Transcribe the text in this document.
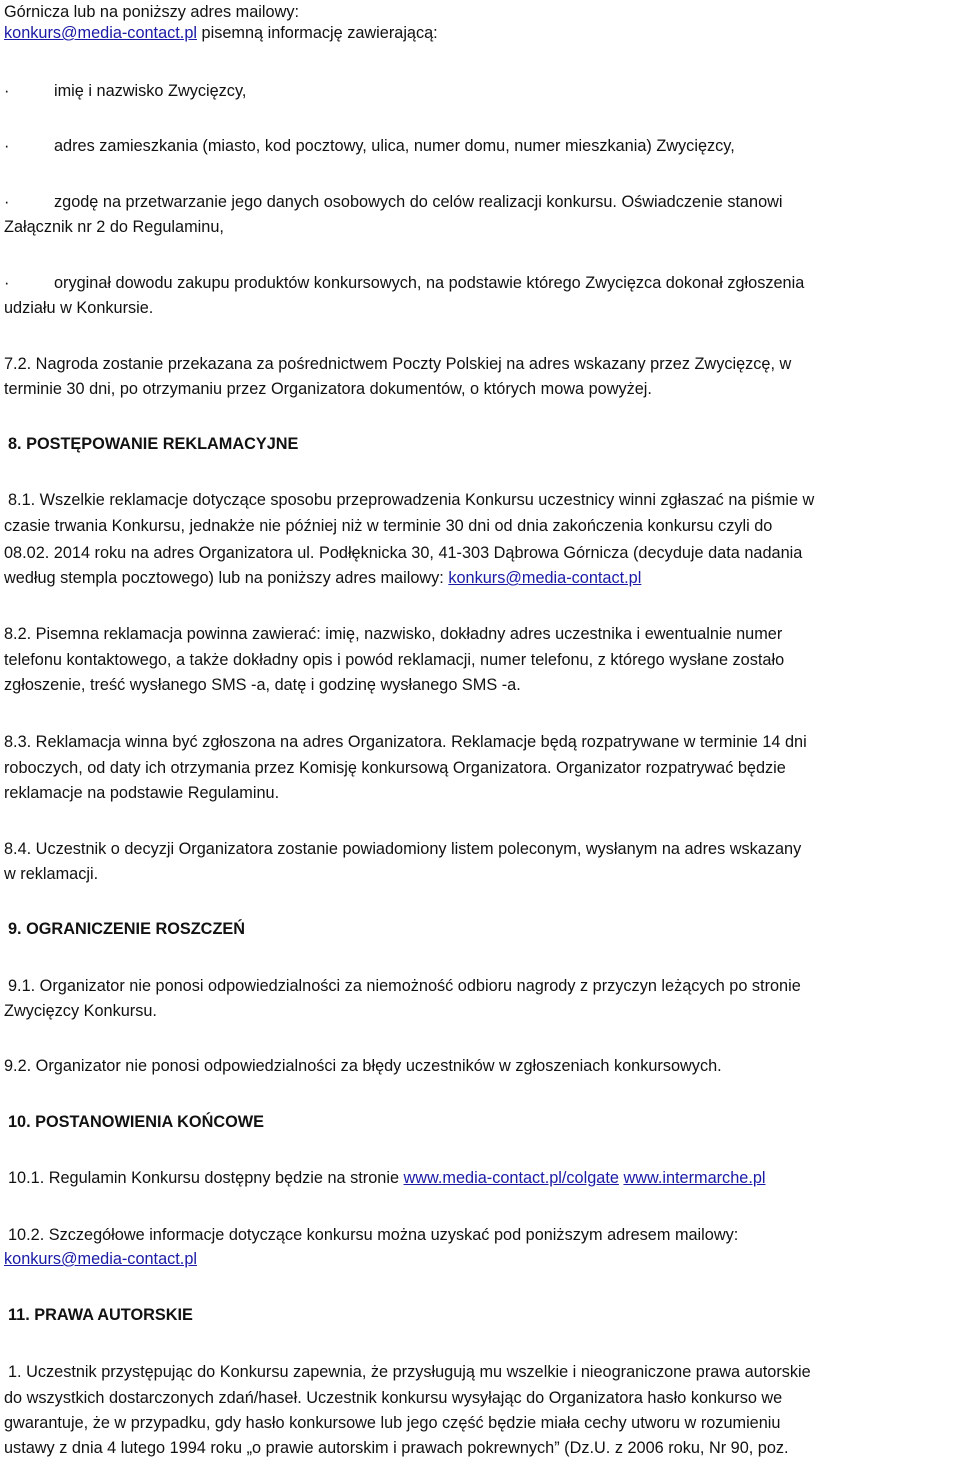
Górnicza lub na poniższy adres mailowy:
konkurs@media-contact.pl pisemną informację zawierającą:
·	imię i nazwisko Zwycięzcy,
·	adres zamieszkania (miasto, kod pocztowy, ulica, numer domu, numer mieszkania) Zwycięzcy,
·	zgodę na przetwarzanie jego danych osobowych do celów realizacji konkursu. Oświadczenie stanowi
Załącznik nr 2 do Regulaminu,
·	oryginał dowodu zakupu produktów konkursowych, na podstawie którego Zwycięzca dokonał zgłoszenia
udziału w Konkursie.
7.2. Nagroda zostanie przekazana za pośrednictwem Poczty Polskiej na adres wskazany przez Zwycięzcę, w
terminie 30 dni, po otrzymaniu przez Organizatora dokumentów, o których mowa powyżej.
8. POSTĘPOWANIE REKLAMACYJNE
8.1. Wszelkie reklamacje dotyczące sposobu przeprowadzenia Konkursu uczestnicy winni zgłaszać na piśmie w
czasie trwania Konkursu, jednakże nie później niż w terminie 30 dni od dnia zakończenia konkursu czyli do
08.02. 2014 roku na adres Organizatora ul. Podłęknicka 30, 41-303 Dąbrowa Górnicza (decyduje data nadania
według stempla pocztowego) lub na poniższy adres mailowy: konkurs@media-contact.pl
8.2. Pisemna reklamacja powinna zawierać: imię, nazwisko, dokładny adres uczestnika i ewentualnie numer
telefonu kontaktowego, a także dokładny opis i powód reklamacji, numer telefonu, z którego wysłane zostało
zgłoszenie, treść wysłanego SMS -a, datę i godzinę wysłanego SMS -a.
8.3. Reklamacja winna być zgłoszona na adres Organizatora. Reklamacje będą rozpatrywane w terminie 14 dni
roboczych, od daty ich otrzymania przez Komisję konkursową Organizatora. Organizator rozpatrywać będzie
reklamacje na podstawie Regulaminu.
8.4. Uczestnik o decyzji Organizatora zostanie powiadomiony listem poleconym, wysłanym na adres wskazany
w reklamacji.
9. OGRANICZENIE ROSZCZEŃ
9.1. Organizator nie ponosi odpowiedzialności za niemożność odbioru nagrody z przyczyn leżących po stronie
Zwycięzcy Konkursu.
9.2. Organizator nie ponosi odpowiedzialności za błędy uczestników w zgłoszeniach konkursowych.
10. POSTANOWIENIA KOŃCOWE
10.1. Regulamin Konkursu dostępny będzie na stronie www.media-contact.pl/colgate www.intermarche.pl
10.2. Szczegółowe informacje dotyczące konkursu można uzyskać pod poniższym adresem mailowy:
konkurs@media-contact.pl
11. PRAWA AUTORSKIE
1. Uczestnik przystępując do Konkursu zapewnia, że przysługują mu wszelkie i nieograniczone prawa autorskie
do wszystkich dostarczonych zdań/haseł. Uczestnik konkursu wysyłając do Organizatora hasło konkurso we
gwarantuje, że w przypadku, gdy hasło konkursowe lub jego część będzie miała cechy utworu w rozumieniu
ustawy z dnia 4 lutego 1994 roku „o prawie autorskim i prawach pokrewnych” (Dz.U. z 2006 roku, Nr 90, poz.
